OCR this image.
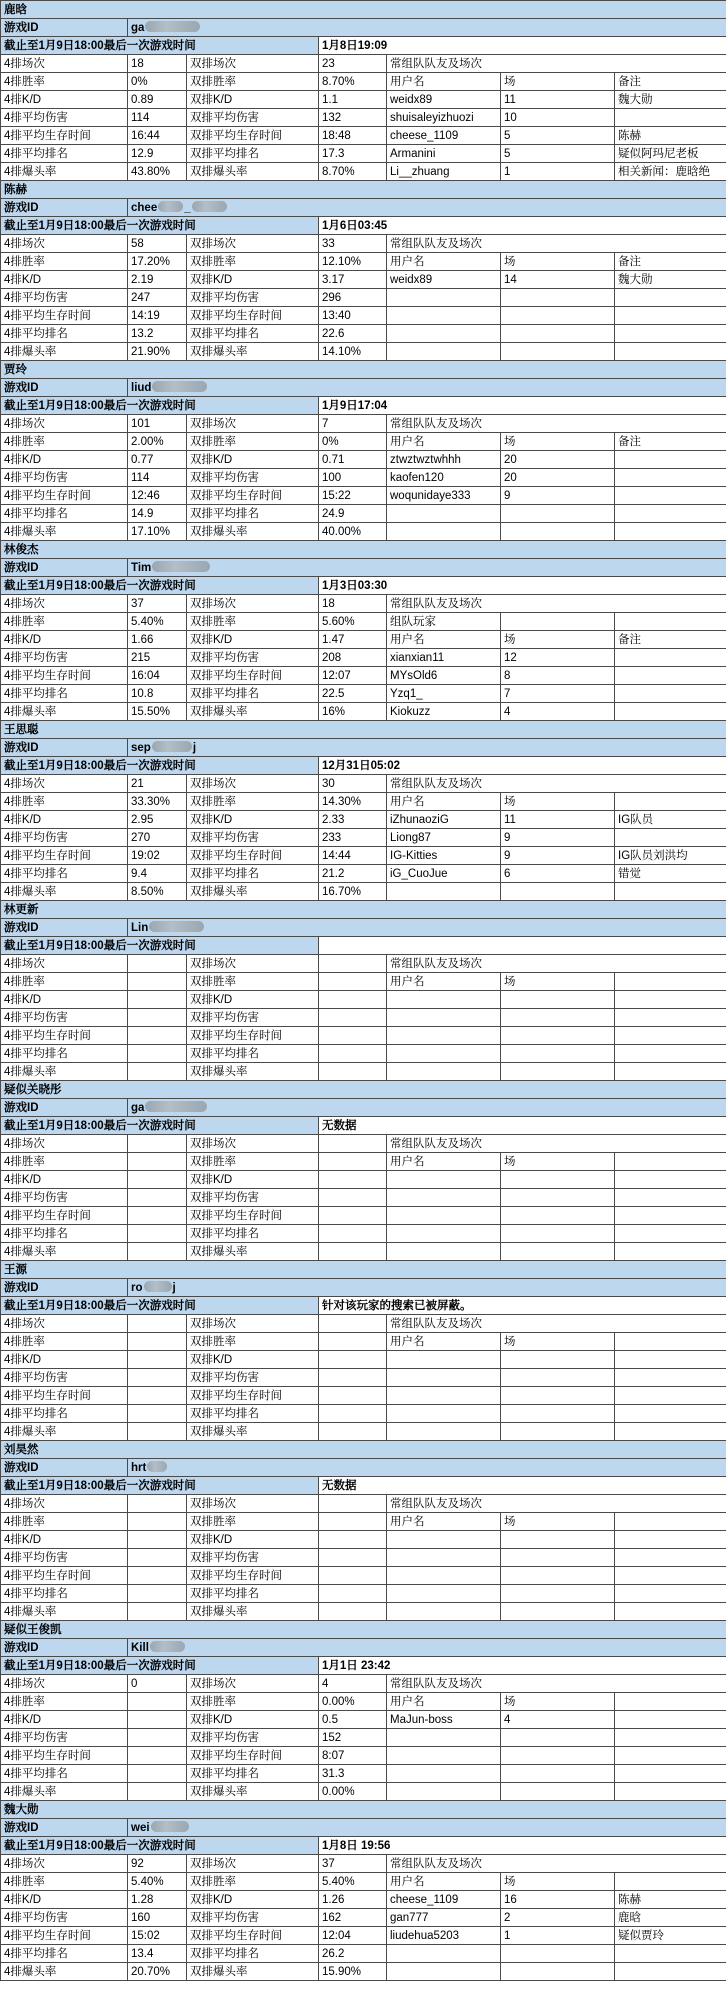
鹿晗						
游戏ID	ga					
截止至1月9日18:00最后一次游戏时间			1月8日19:09			
4排场次	18	双排场次	23	常组队队友及场次		
4排胜率	0%	双排胜率	8.70%	用户名	场	备注
4排K/D	0.89	双排K/D	1.1	weidx89	11	魏大勋
4排平均伤害	114	双排平均伤害	132	shuisaleyizhuozi	10	
4排平均生存时间	16:44	双排平均生存时间	18:48	cheese_1109	5	陈赫
4排平均排名	12.9	双排平均排名	17.3	Armanini	5	疑似阿玛尼老板
4排爆头率	43.80%	双排爆头率	8.70%	Li__zhuang	1	相关新闻：鹿晗绝
陈赫						
游戏ID	chee _					
截止至1月9日18:00最后一次游戏时间			1月6日03:45			
4排场次	58	双排场次	33	常组队队友及场次		
4排胜率	17.20%	双排胜率	12.10%	用户名	场	备注
4排K/D	2.19	双排K/D	3.17	weidx89	14	魏大勋
4排平均伤害	247	双排平均伤害	296			
4排平均生存时间	14:19	双排平均生存时间	13:40			
4排平均排名	13.2	双排平均排名	22.6			
4排爆头率	21.90%	双排爆头率	14.10%			
贾玲						
游戏ID	liud					
截止至1月9日18:00最后一次游戏时间			1月9日17:04			
4排场次	101	双排场次	7	常组队队友及场次		
4排胜率	2.00%	双排胜率	0%	用户名	场	备注
4排K/D	0.77	双排K/D	0.71	ztwztwztwhhh	20	
4排平均伤害	114	双排平均伤害	100	kaofen120	20	
4排平均生存时间	12:46	双排平均生存时间	15:22	woqunidaye333	9	
4排平均排名	14.9	双排平均排名	24.9			
4排爆头率	17.10%	双排爆头率	40.00%			
林俊杰						
游戏ID	Tim					
截止至1月9日18:00最后一次游戏时间			1月3日03:30			
4排场次	37	双排场次	18	常组队队友及场次		
4排胜率	5.40%	双排胜率	5.60%	组队玩家		
4排K/D	1.66	双排K/D	1.47	用户名	场	备注
4排平均伤害	215	双排平均伤害	208	xianxian11	12	
4排平均生存时间	16:04	双排平均生存时间	12:07	MYsOld6	8	
4排平均排名	10.8	双排平均排名	22.5	Yzq1_	7	
4排爆头率	15.50%	双排爆头率	16%	Kiokuzz	4	
王思聪						
游戏ID	sep j					
截止至1月9日18:00最后一次游戏时间			12月31日05:02			
4排场次	21	双排场次	30	常组队队友及场次		
4排胜率	33.30%	双排胜率	14.30%	用户名	场	
4排K/D	2.95	双排K/D	2.33	iZhunaoziG	11	IG队员
4排平均伤害	270	双排平均伤害	233	Liong87	9	
4排平均生存时间	19:02	双排平均生存时间	14:44	IG-Kitties	9	IG队员刘洪均
4排平均排名	9.4	双排平均排名	21.2	iG_CuoJue	6	错觉
4排爆头率	8.50%	双排爆头率	16.70%			
林更新						
游戏ID	Lin					
截止至1月9日18:00最后一次游戏时间						
4排场次		双排场次		常组队队友及场次		
4排胜率		双排胜率		用户名	场	
4排K/D		双排K/D				
4排平均伤害		双排平均伤害				
4排平均生存时间		双排平均生存时间				
4排平均排名		双排平均排名				
4排爆头率		双排爆头率				
疑似关晓彤						
游戏ID	ga					
截止至1月9日18:00最后一次游戏时间			无数据			
4排场次		双排场次		常组队队友及场次		
4排胜率		双排胜率		用户名	场	
4排K/D		双排K/D				
4排平均伤害		双排平均伤害				
4排平均生存时间		双排平均生存时间				
4排平均排名		双排平均排名				
4排爆头率		双排爆头率				
王源						
游戏ID	ro j					
截止至1月9日18:00最后一次游戏时间			针对该玩家的搜索已被屏蔽。			
4排场次		双排场次		常组队队友及场次		
4排胜率		双排胜率		用户名	场	
4排K/D		双排K/D				
4排平均伤害		双排平均伤害				
4排平均生存时间		双排平均生存时间				
4排平均排名		双排平均排名				
4排爆头率		双排爆头率				
刘昊然						
游戏ID	hrt					
截止至1月9日18:00最后一次游戏时间			无数据			
4排场次		双排场次		常组队队友及场次		
4排胜率		双排胜率		用户名	场	
4排K/D		双排K/D				
4排平均伤害		双排平均伤害				
4排平均生存时间		双排平均生存时间				
4排平均排名		双排平均排名				
4排爆头率		双排爆头率				
疑似王俊凯						
游戏ID	Kill					
截止至1月9日18:00最后一次游戏时间			1月1日 23:42			
4排场次	0	双排场次	4	常组队队友及场次		
4排胜率		双排胜率	0.00%	用户名	场	
4排K/D		双排K/D	0.5	MaJun-boss	4	
4排平均伤害		双排平均伤害	152			
4排平均生存时间		双排平均生存时间	8:07			
4排平均排名		双排平均排名	31.3			
4排爆头率		双排爆头率	0.00%			
魏大勋						
游戏ID	wei					
截止至1月9日18:00最后一次游戏时间			1月8日 19:56			
4排场次	92	双排场次	37	常组队队友及场次		
4排胜率	5.40%	双排胜率	5.40%	用户名	场	
4排K/D	1.28	双排K/D	1.26	cheese_1109	16	陈赫
4排平均伤害	160	双排平均伤害	162	gan777	2	鹿晗
4排平均生存时间	15:02	双排平均生存时间	12:04	liudehua5203	1	疑似贾玲
4排平均排名	13.4	双排平均排名	26.2			
4排爆头率	20.70%	双排爆头率	15.90%			
